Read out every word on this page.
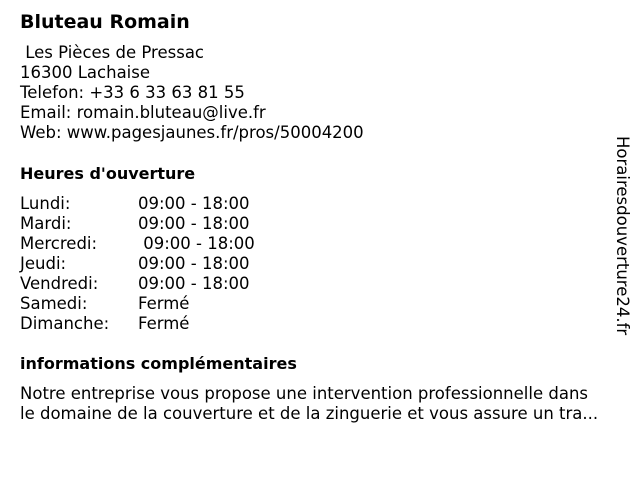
Bluteau Romain
Les Pièces de Pressac
16300 Lachaise
Telefon: +33 6 33 63 81 55
Email: romain.bluteau@live.fr
Web: www.pagesjaunes.fr/pros/50004200
Heures d'ouverture
Lundi:	09:00 - 18:00
Mardi:	09:00 - 18:00
Mercredi:	09:00 - 18:00
Jeudi:	09:00 - 18:00
Vendredi:	09:00 - 18:00
Samedi:	Fermé
Dimanche:	Fermé
informations complémentaires
Notre entreprise vous propose une intervention professionnelle dans
le domaine de la couverture et de la zinguerie et vous assure un tra...
Horairesdouverture24.fr
